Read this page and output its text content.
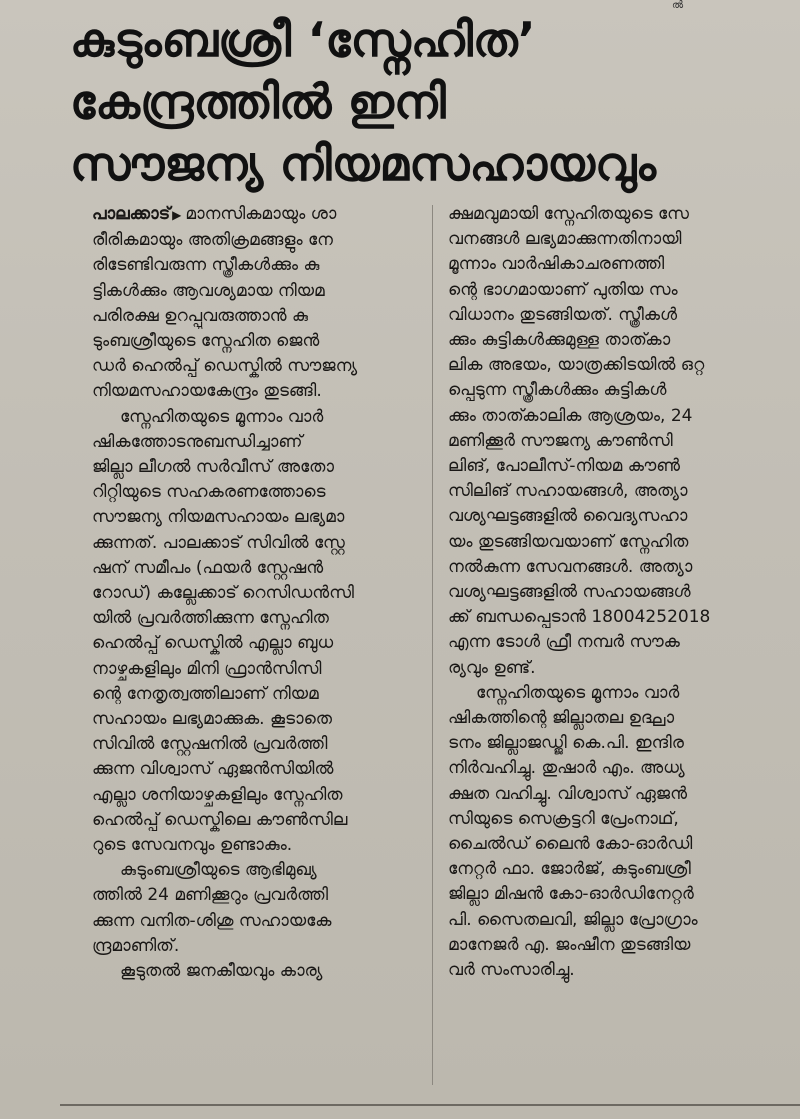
ൽ
കുടുംബശ്രീ ‘സ്നേഹിത’
കേന്ദ്രത്തിൽ ഇനി
സൗജന്യ നിയമസഹായവും
പാലക്കാട് ▶ മാനസികമായും ശാ
രീരികമായും അതിക്രമങ്ങളും നേ
രിടേണ്ടിവരുന്ന സ്ത്രീകൾക്കും കു
ട്ടികൾക്കും ആവശ്യമായ നിയമ
പരിരക്ഷ ഉറപ്പുവരുത്താൻ കു
ടുംബശ്രീയുടെ സ്നേഹിത ജെൻ
ഡർ ഹെൽപ്പ് ഡെസ്കിൽ സൗജന്യ
നിയമസഹായകേന്ദ്രം തുടങ്ങി.
സ്നേഹിതയുടെ മൂന്നാം വാർ
ഷികത്തോടനുബന്ധിച്ചാണ്
ജില്ലാ ലീഗൽ സർവീസ് അതോ
റിറ്റിയുടെ സഹകരണത്തോടെ
സൗജന്യ നിയമസഹായം ലഭ്യമാ
ക്കുന്നത്. പാലക്കാട് സിവിൽ സ്റ്റേ
ഷന് സമീപം (ഫയർ സ്റ്റേഷൻ
റോഡ്) കല്ലേക്കാട് റെസിഡൻസി
യിൽ പ്രവർത്തിക്കുന്ന സ്നേഹിത
ഹെൽപ്പ് ഡെസ്കിൽ എല്ലാ ബുധ
നാഴ്ചകളിലും മിനി ഫ്രാൻസിസി
ന്റെ നേതൃത്വത്തിലാണ് നിയമ
സഹായം ലഭ്യമാക്കുക. കൂടാതെ
സിവിൽ സ്റ്റേഷനിൽ പ്രവർത്തി
ക്കുന്ന വിശ്വാസ് ഏജൻസിയിൽ
എല്ലാ ശനിയാഴ്ചകളിലും സ്നേഹിത
ഹെൽപ്പ് ഡെസ്കിലെ കൗൺസില
റുടെ സേവനവും ഉണ്ടാകും.
കുടുംബശ്രീയുടെ ആഭിമുഖ്യ
ത്തിൽ 24 മണിക്കൂറും പ്രവർത്തി
ക്കുന്ന വനിത-ശിശു സഹായകേ
ന്ദ്രമാണിത്.
കൂടുതൽ ജനകീയവും കാര്യ
ക്ഷമവുമായി സ്നേഹിതയുടെ സേ
വനങ്ങൾ ലഭ്യമാക്കുന്നതിനായി
മൂന്നാം വാർഷികാചരണത്തി
ന്റെ ഭാഗമായാണ് പുതിയ സം
വിധാനം തുടങ്ങിയത്. സ്ത്രീകൾ
ക്കും കുട്ടികൾക്കുമുള്ള താത്കാ
ലിക അഭയം, യാത്രക്കിടയിൽ ഒറ്റ
പ്പെടുന്ന സ്ത്രീകൾക്കും കുട്ടികൾ
ക്കും താത്കാലിക ആശ്രയം, 24
മണിക്കൂർ സൗജന്യ കൗൺസി
ലിങ്, പോലീസ്-നിയമ കൗൺ
സിലിങ് സഹായങ്ങൾ, അത്യാ
വശ്യഘട്ടങ്ങളിൽ വൈദ്യസഹാ
യം തുടങ്ങിയവയാണ് സ്നേഹിത
നൽകുന്ന സേവനങ്ങൾ. അത്യാ
വശ്യഘട്ടങ്ങളിൽ സഹായങ്ങൾ
ക്ക് ബന്ധപ്പെടാൻ 18004252018
എന്ന ടോൾ ഫ്രീ നമ്പർ സൗക
ര്യവും ഉണ്ട്.
സ്നേഹിതയുടെ മൂന്നാം വാർ
ഷികത്തിന്റെ ജില്ലാതല ഉദ്ഘാ
ടനം ജില്ലാജഡ്ജി കെ.പി. ഇന്ദിര
നിർവഹിച്ചു. തുഷാർ എം. അധ്യ
ക്ഷത വഹിച്ചു. വിശ്വാസ് ഏജൻ
സിയുടെ സെക്രട്ടറി പ്രേംനാഥ്,
ചൈൽഡ് ലൈൻ കോ-ഓർഡി
നേറ്റർ ഫാ. ജോർജ്, കുടുംബശ്രീ
ജില്ലാ മിഷൻ കോ-ഓർഡിനേറ്റർ
പി. സൈതലവി, ജില്ലാ പ്രോഗ്രാം
മാനേജർ എ. ജംഷീന തുടങ്ങിയ
വർ സംസാരിച്ചു.
